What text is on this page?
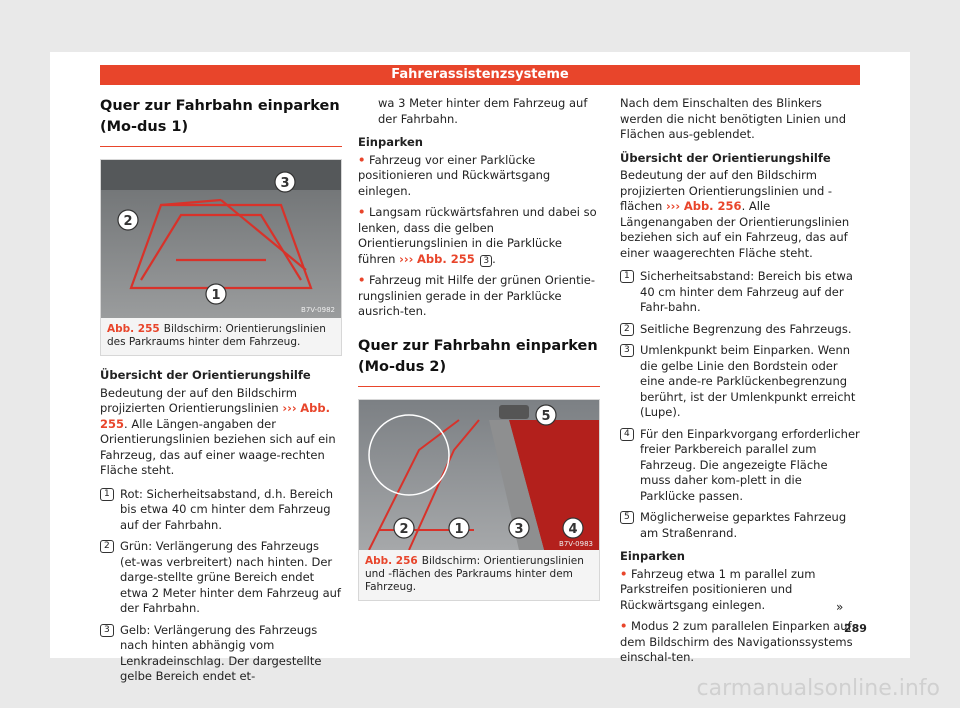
Fahrerassistenzsysteme
Quer zur Fahrbahn einparken (Mo-dus 1)
1
2
3
B7V-0982
Abb. 255 Bildschirm: Orientierungslinien des Parkraums hinter dem Fahrzeug.

Übersicht der Orientierungshilfe

Bedeutung der auf den Bildschirm projizierten Orientierungslinien ››› Abb. 255. Alle Längen-angaben der Orientierungslinien beziehen sich auf ein Fahrzeug, das auf einer waage-rechten Fläche steht.

1 Rot: Sicherheitsabstand, d.h. Bereich bis etwa 40 cm hinter dem Fahrzeug auf der Fahrbahn.
2 Grün: Verlängerung des Fahrzeugs (et-was verbreitert) nach hinten. Der darge-stellte grüne Bereich endet etwa 2 Meter hinter dem Fahrzeug auf der Fahrbahn.
3 Gelb: Verlängerung des Fahrzeugs nach hinten abhängig vom Lenkradeinschlag. Der dargestellte gelbe Bereich endet et-

wa 3 Meter hinter dem Fahrzeug auf der Fahrbahn.

Einparken

• Fahrzeug vor einer Parklücke positionieren und Rückwärtsgang einlegen.

• Langsam rückwärtsfahren und dabei so lenken, dass die gelben Orientierungslinien in die Parklücke führen ››› Abb. 255 3 .

• Fahrzeug mit Hilfe der grünen Orientie-rungslinien gerade in der Parklücke ausrich-ten.

Quer zur Fahrbahn einparken (Mo-dus 2)
1
2	3	4
5
B7V-0983
Abb. 256 Bildschirm: Orientierungslinien und -flächen des Parkraums hinter dem Fahrzeug.

Nach dem Einschalten des Blinkers werden die nicht benötigten Linien und Flächen aus-geblendet.

Übersicht der Orientierungshilfe

Bedeutung der auf den Bildschirm projizierten Orientierungslinien und -flächen ››› Abb. 256. Alle Längenangaben der Orientierungslinien beziehen sich auf ein Fahrzeug, das auf einer waagerechten Fläche steht.

1 Sicherheitsabstand: Bereich bis etwa 40 cm hinter dem Fahrzeug auf der Fahr-bahn.
2 Seitliche Begrenzung des Fahrzeugs.
3 Umlenkpunkt beim Einparken. Wenn die gelbe Linie den Bordstein oder eine ande-re Parklückenbegrenzung berührt, ist der Umlenkpunkt erreicht (Lupe).
4 Für den Einparkvorgang erforderlicher freier Parkbereich parallel zum Fahrzeug. Die angezeigte Fläche muss daher kom-plett in die Parklücke passen.
5 Möglicherweise geparktes Fahrzeug am Straßenrand.

Einparken

• Fahrzeug etwa 1 m parallel zum Parkstreifen positionieren und Rückwärtsgang einlegen.

• Modus 2 zum parallelen Einparken auf dem Bildschirm des Navigationssystems einschal-ten.

»
289
carmanualsonline.info
